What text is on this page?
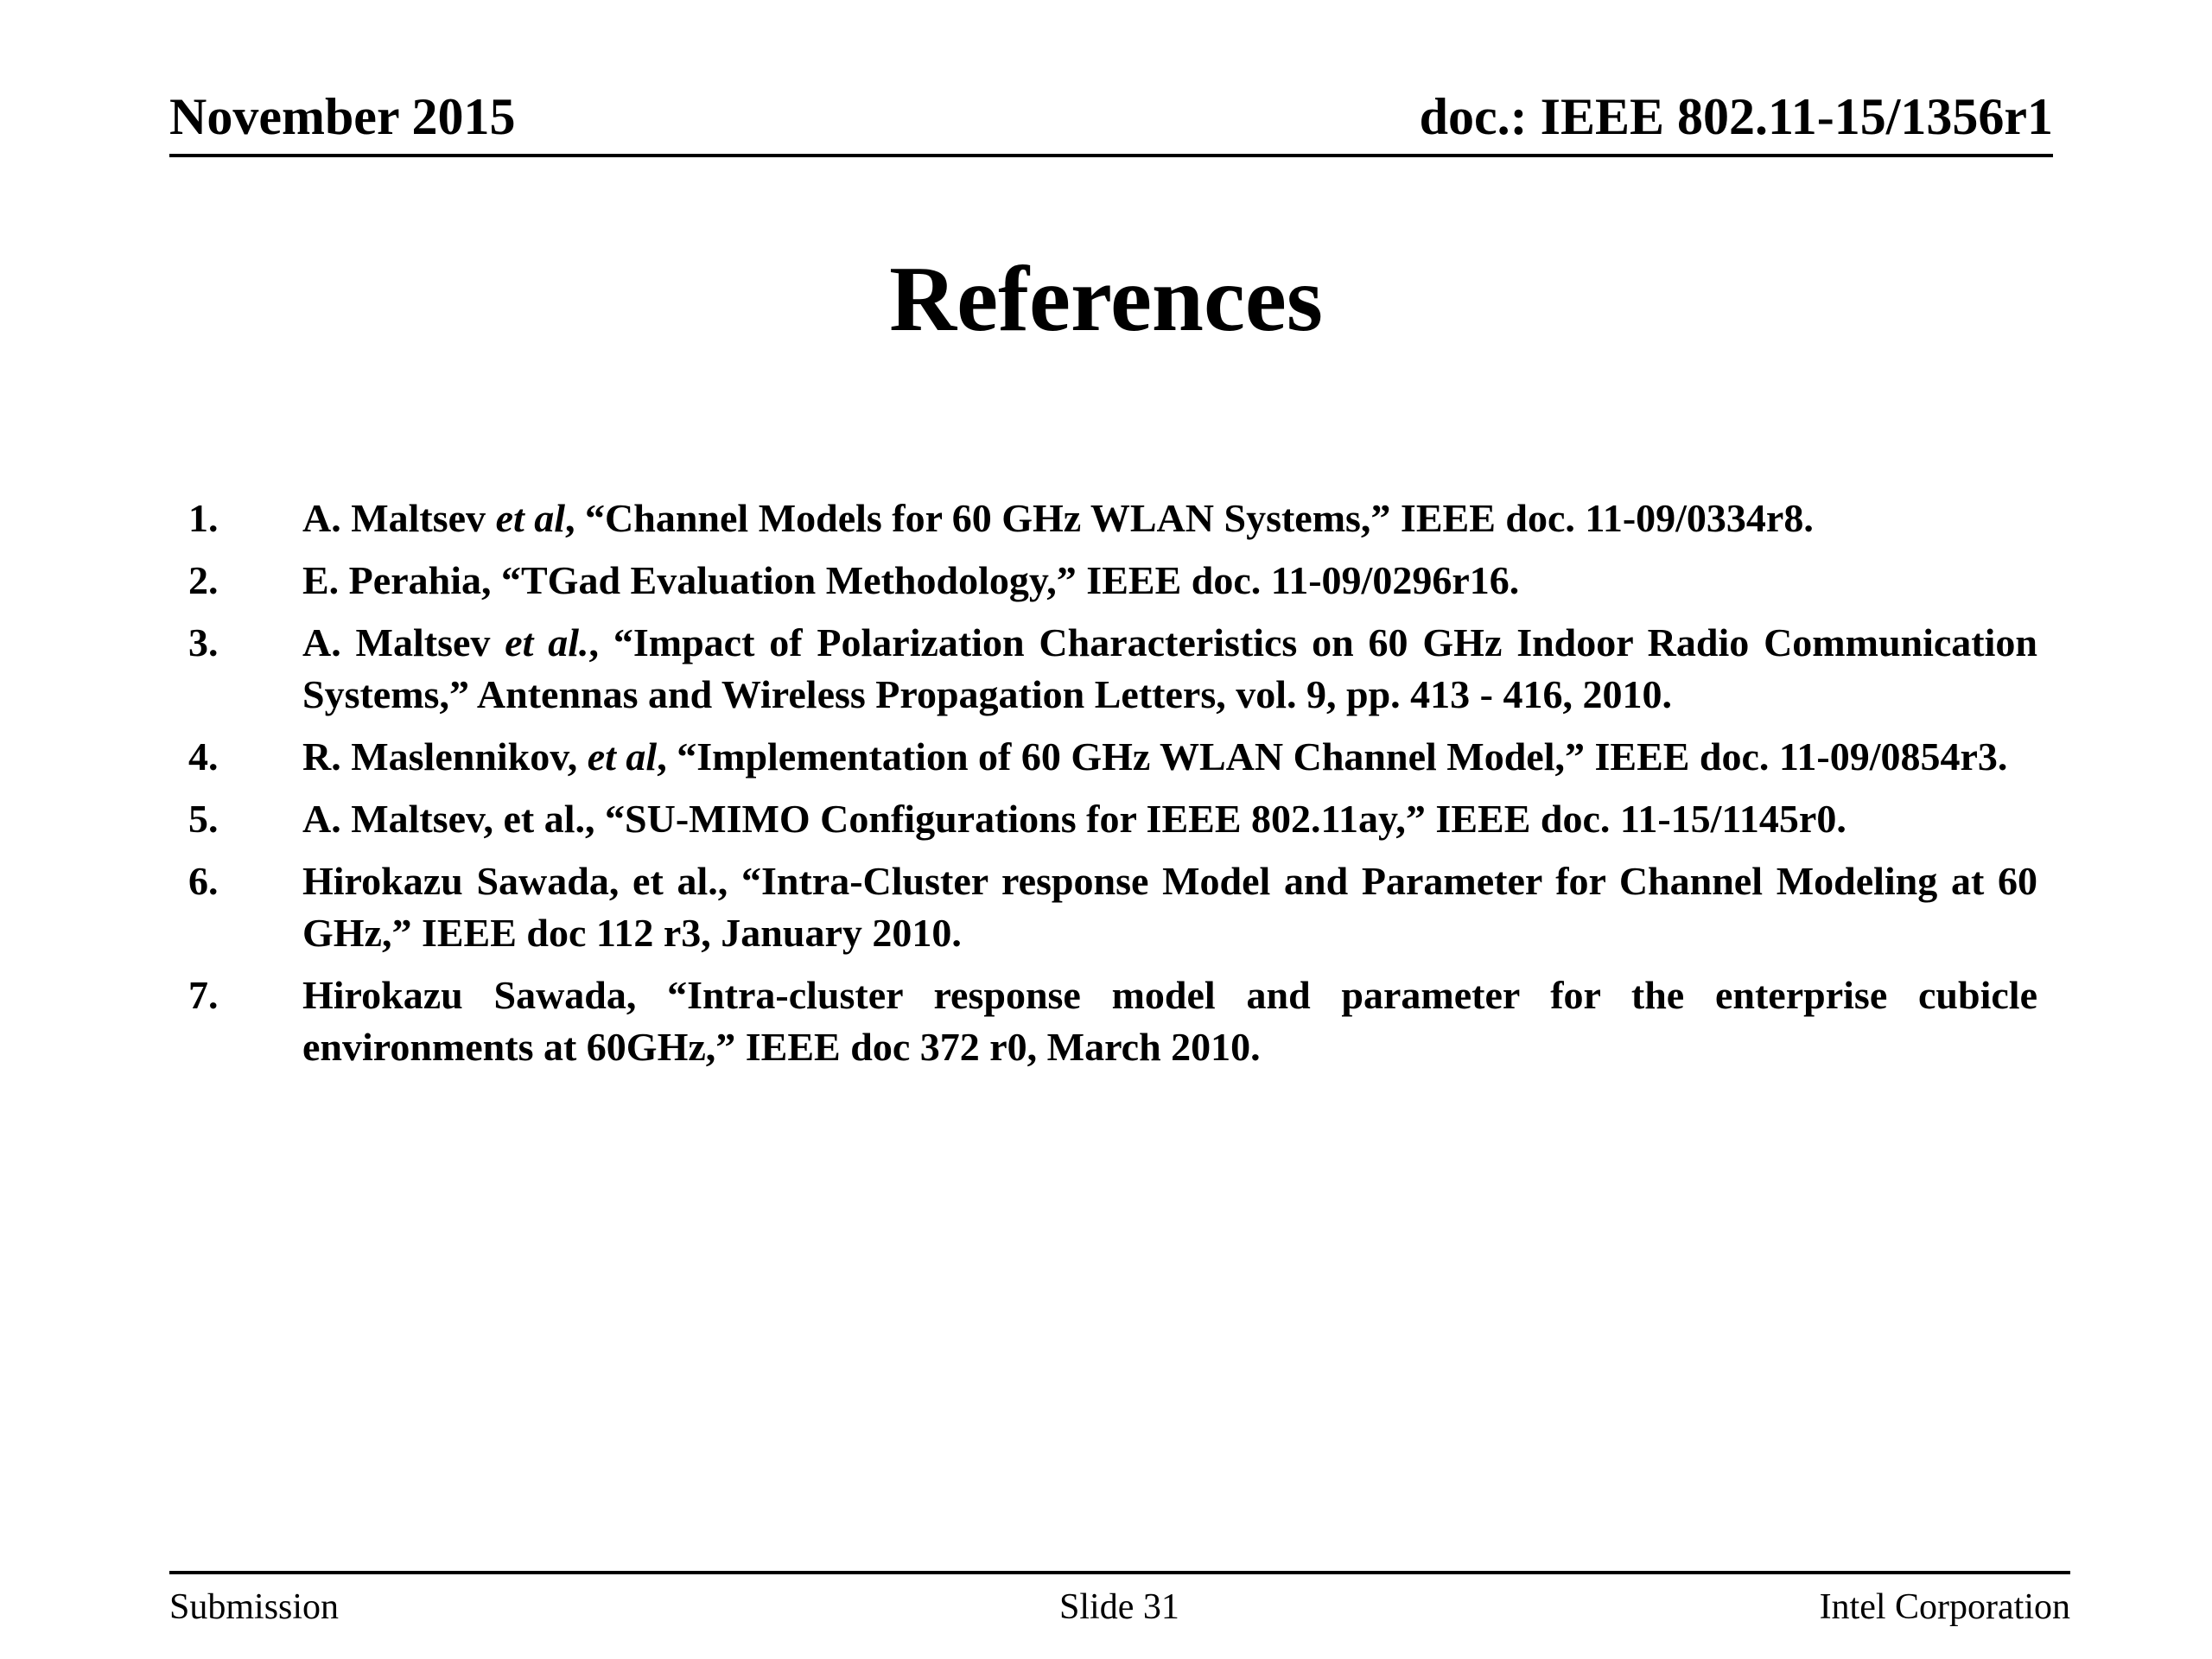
November 2015	doc.: IEEE 802.11-15/1356r1
References
1. A. Maltsev et al, “Channel Models for 60 GHz WLAN Systems,” IEEE doc. 11-09/0334r8.
2. E. Perahia, “TGad Evaluation Methodology,” IEEE doc. 11-09/0296r16.
3. A. Maltsev et al., “Impact of Polarization Characteristics on 60 GHz Indoor Radio Communication Systems,” Antennas and Wireless Propagation Letters, vol. 9, pp. 413 - 416, 2010.
4. R. Maslennikov, et al, “Implementation of 60 GHz WLAN Channel Model,” IEEE doc. 11-09/0854r3.
5. A. Maltsev, et al., “SU-MIMO Configurations for IEEE 802.11ay,” IEEE doc. 11-15/1145r0.
6. Hirokazu Sawada, et al., “Intra-Cluster response Model and Parameter for Channel Modeling at 60 GHz,” IEEE doc 112 r3, January 2010.
7. Hirokazu Sawada, “Intra-cluster response model and parameter for the enterprise cubicle environments at 60GHz,” IEEE doc 372 r0, March 2010.
Submission	Slide 31	Intel Corporation
